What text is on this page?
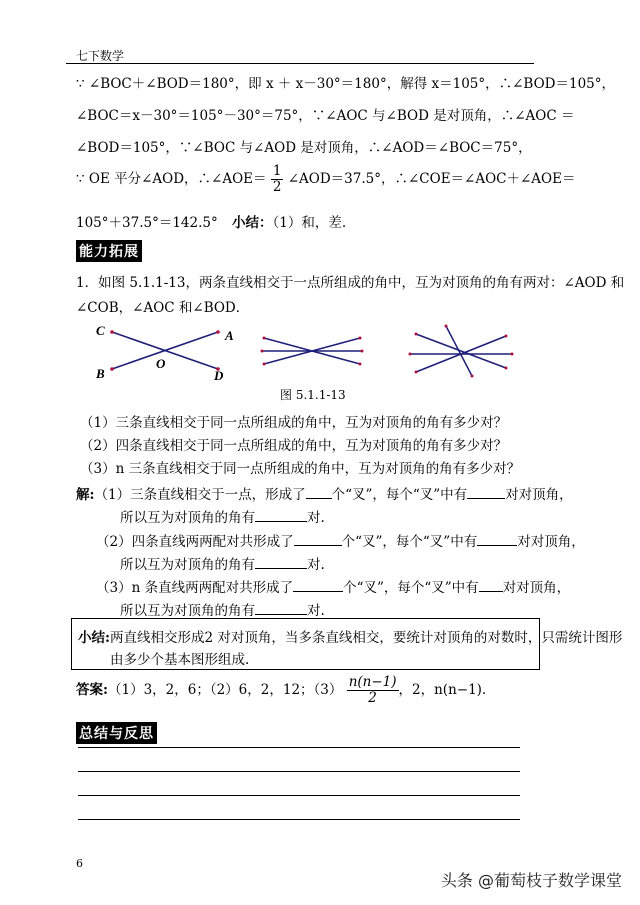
七下数学
∵ ∠BOC＋∠BOD＝180°，即 x ＋ x－30°＝180°，解得 x＝105°，∴∠BOD＝105°，
∠BOC＝x－30°＝105°－30°＝75°，∵∠AOC 与∠BOD 是对顶角，∴∠AOC ＝
∠BOD＝105°，∵∠BOC 与∠AOD 是对顶角，∴∠AOD＝∠BOC＝75°，
∵ OE 平分∠AOD，∴∠AOE＝ $\frac{1}{2}$ ∠AOD＝37.5°，∴∠COE＝∠AOC＋∠AOE＝
105°＋37.5°＝142.5° 小结：（1）和，差.
能力拓展
1．如图 5.1.1-13，两条直线相交于一点所组成的角中，互为对顶角的角有两对：∠AOD 和
∠COB，∠AOC 和∠BOD．
C	A
O
B	D
图 5.1.1-13
（1）三条直线相交于同一点所组成的角中，互为对顶角的角有多少对？
（2）四条直线相交于同一点所组成的角中，互为对顶角的角有多少对？
（3）n 三条直线相交于同一点所组成的角中，互为对顶角的角有多少对？
解:（1）三条直线相交于一点，形成了 个“叉”，每个“叉”中有	对对顶角，
所以互为对顶角的角有	对.
（2）四条直线两两配对共形成了	个“叉”，每个“叉”中有	对对顶角，
所以互为对顶角的角有	对.
（3）n 条直线两两配对共形成了	个“叉”，每个“叉”中有 对对顶角，
所以互为对顶角的角有	对.
小结:两直线相交形成2 对对顶角，当多条直线相交，要统计对顶角的对数时，只需统计图形
由多少个基本图形组成.
答案:（1）3，2，6；（2）6，2，12；$(3) \frac{n(n-1)}{2}$ ，2，n(n−1).
总结与反思
6
头条 @葡萄枝子数学课堂
